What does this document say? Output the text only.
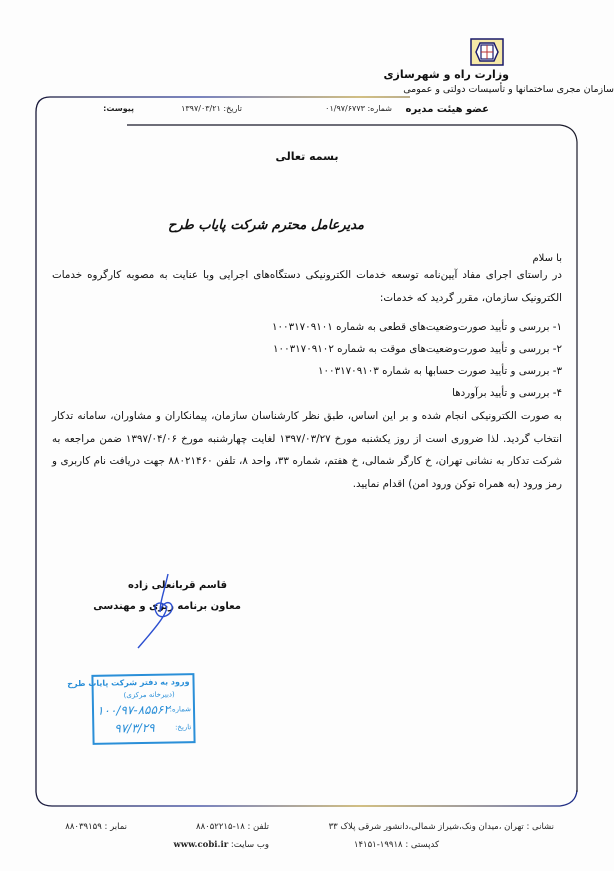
وزارت راه و شهرسازی
سازمان مجری ساختمانها و تأسیسات دولتی و عمومی
عضو هیئت مدیره
شماره: ۰۱/۹۷/۶۷۷۳
تاریخ: ۱۳۹۷/۰۳/۲۱
پیوست:
بسمه تعالی
مدیرعامل محترم شرکت پایاب طرح
با سلام
در راستای اجرای مفاد آیین‌نامه توسعه خدمات الکترونیکی دستگاه‌های اجرایی وبا عنایت به مصوبه کارگروه خدمات الکترونیک سازمان، مقرر گردید که خدمات:
۱- بررسی و تأیید صورت‌وضعیت‌های قطعی به شماره ۱۰۰۳۱۷۰۹۱۰۱
۲- بررسی و تأیید صورت‌وضعیت‌های موقت به شماره ۱۰۰۳۱۷۰۹۱۰۲
۳- بررسی و تأیید صورت حسابها به شماره ۱۰۰۳۱۷۰۹۱۰۳
۴- بررسی و تأیید برآوردها
به صورت الکترونیکی انجام شده و بر این اساس، طبق نظر کارشناسان سازمان، پیمانکاران و مشاوران، سامانه تدکار انتخاب گردید. لذا ضروری است از روز یکشنبه مورخ ۱۳۹۷/۰۳/۲۷ لغایت چهارشنبه مورخ ۱۳۹۷/۰۴/۰۶ ضمن مراجعه به شرکت تدکار به نشانی تهران، خ کارگر شمالی، خ هفتم، شماره ۳۳، واحد ۸، تلفن ۸۸۰۲۱۴۶۰ جهت دریافت نام کاربری و رمز ورود (به همراه توکن ورود امن) اقدام نمایید.
قاسم قربانعلی زاده
معاون برنامه ریزی و مهندسی
ورود به دفتر شرکت پایاب طرح
(دبیرخانه مرکزی)
شماره:
۱۰۰/۹۷-۸۵۵۶۲
تاریخ:
۹۷/۳/۲۹
نشانی : تهران ،میدان ونک،شیراز شمالی،دانشور شرقی پلاک ۳۳
کدپستی : ۱۹۹۱۸-۱۴۱۵۱
تلفن : ۱۸-۸۸۰۵۲۲۱۵
وب سایت: www.cobi.ir
نمابر : ۸۸۰۳۹۱۵۹
